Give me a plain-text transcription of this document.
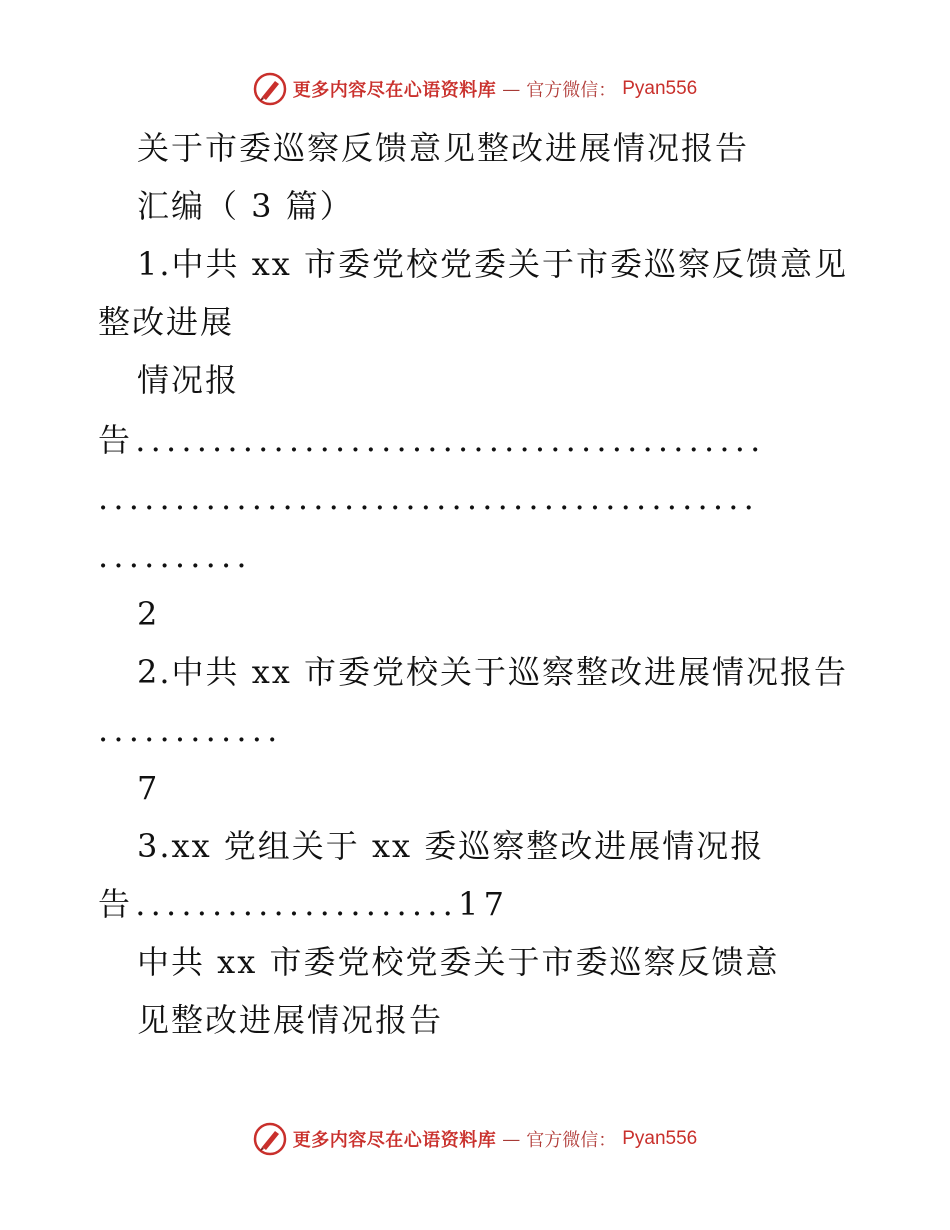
更多内容尽在心语资料库 — 官方微信： Pyan556
关于市委巡察反馈意见整改进展情况报告
汇编（ 3 篇）
1.中共 xx 市委党校党委关于市委巡察反馈意见
整改进展
情况报
告.........................................
...........................................
..........
2
2.中共 xx 市委党校关于巡察整改进展情况报告
............
7
3.xx 党组关于 xx 委巡察整改进展情况报
告.....................17
中共 xx 市委党校党委关于市委巡察反馈意
见整改进展情况报告
更多内容尽在心语资料库 — 官方微信： Pyan556
